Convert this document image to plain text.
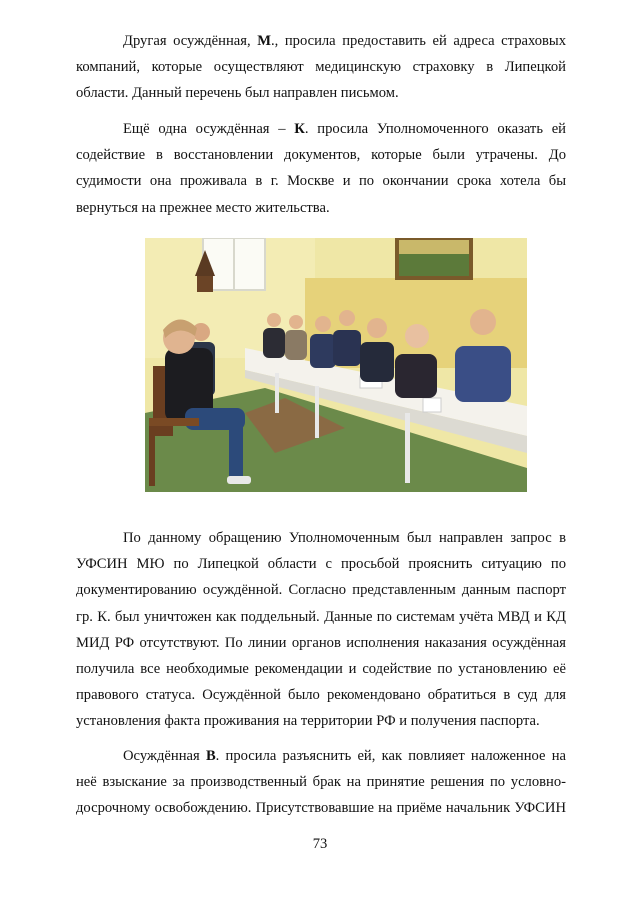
Другая осуждённая, М., просила предоставить ей адреса страховых компаний, которые осуществляют медицинскую страховку в Липецкой области. Данный перечень был направлен письмом.

Ещё одна осуждённая – К. просила Уполномоченного оказать ей содействие в восстановлении документов, которые были утрачены. До судимости она проживала в г. Москве и по окончании срока хотела бы вернуться на прежнее место жительства.

По данному обращению Уполномоченным был направлен запрос в УФСИН МЮ по Липецкой области с просьбой прояснить ситуацию по документированию осуждённой. Согласно представленным данным паспорт гр. К. был уничтожен как поддельный. Данные по системам учёта МВД и КД МИД РФ отсутствуют. По линии органов исполнения наказания осуждённая получила все необходимые рекомендации и содействие по установлению её правового статуса. Осуждённой было рекомендовано обратиться в суд для установления факта проживания на территории РФ и получения паспорта.

Осуждённая В. просила разъяснить ей, как повлияет наложенное на неё взыскание за производственный брак на принятие решения по условно-досрочному освобождению. Присутствовавшие на приёме начальник УФСИН

73
